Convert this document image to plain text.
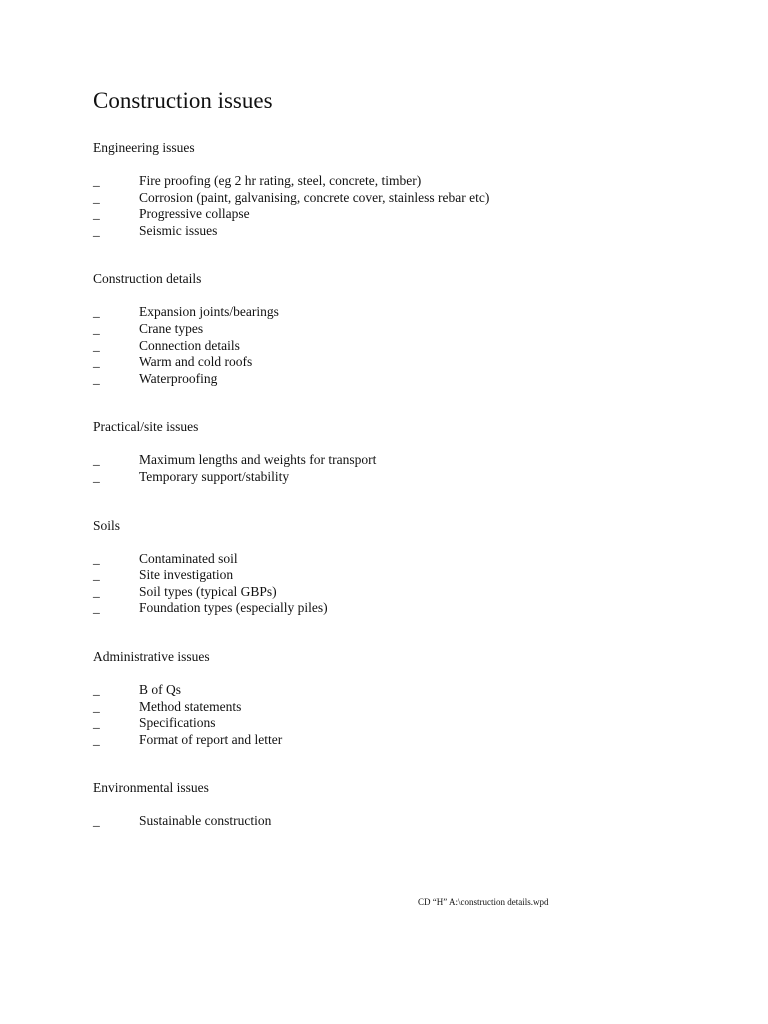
Construction issues
Engineering issues
_	Fire proofing (eg 2 hr rating, steel, concrete, timber)
_	Corrosion (paint, galvanising, concrete cover, stainless rebar etc)
_	Progressive collapse
_	Seismic issues
Construction details
_	Expansion joints/bearings
_	Crane types
_	Connection details
_	Warm and cold roofs
_	Waterproofing
Practical/site issues
_	Maximum lengths and weights for transport
_	Temporary support/stability
Soils
_	Contaminated soil
_	Site investigation
_	Soil types (typical GBPs)
_	Foundation types (especially piles)
Administrative issues
_	B of Qs
_	Method statements
_	Specifications
_	Format of report and letter
Environmental issues
_	Sustainable construction
CD “H” A:\construction details.wpd
